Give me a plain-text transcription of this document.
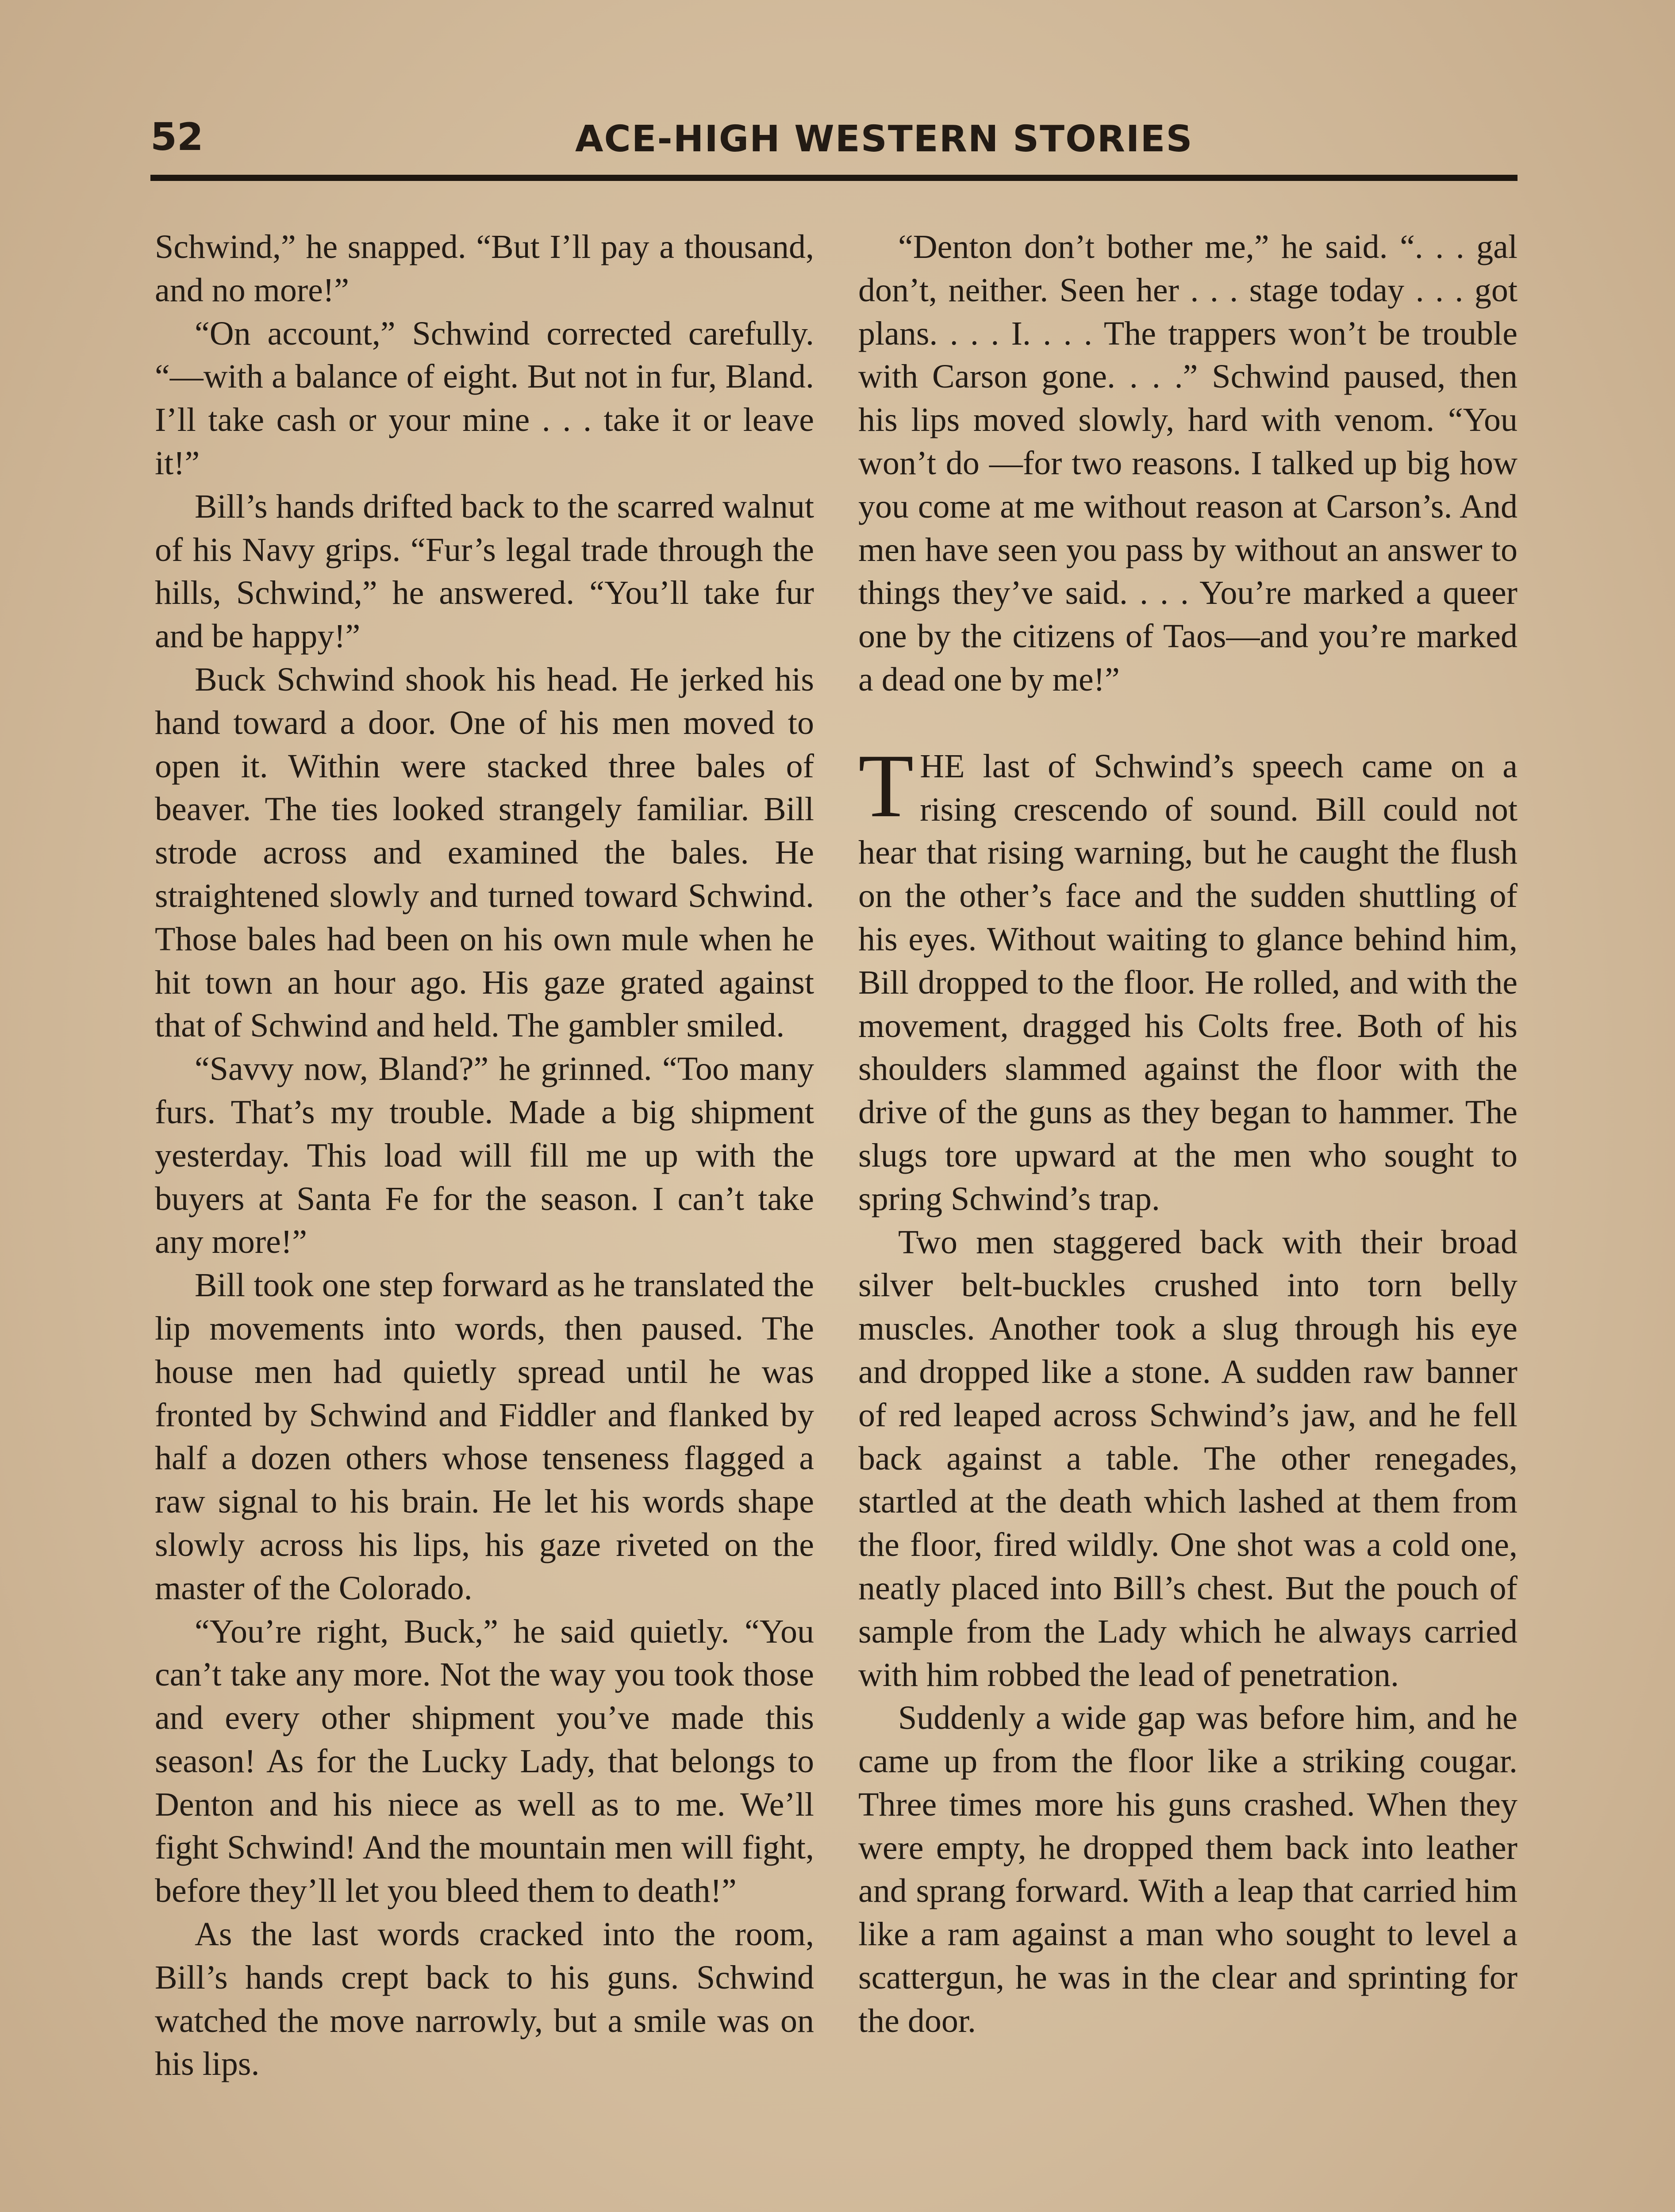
52	ACE-HIGH WESTERN STORIES

Schwind,” he snapped. “But I’ll pay a thousand, and no more!”

“On account,” Schwind corrected carefully. “—with a balance of eight. But not in fur, Bland. I’ll take cash or your mine . . . take it or leave it!”

Bill’s hands drifted back to the scarred walnut of his Navy grips. “Fur’s legal trade through the hills, Schwind,” he answered. “You’ll take fur and be happy!”

Buck Schwind shook his head. He jerked his hand toward a door. One of his men moved to open it. Within were stacked three bales of beaver. The ties looked strangely familiar. Bill strode across and examined the bales. He straightened slowly and turned toward Schwind. Those bales had been on his own mule when he hit town an hour ago. His gaze grated against that of Schwind and held. The gambler smiled.

“Savvy now, Bland?” he grinned. “Too many furs. That’s my trouble. Made a big shipment yesterday. This load will fill me up with the buyers at Santa Fe for the season. I can’t take any more!”

Bill took one step forward as he translated the lip movements into words, then paused. The house men had quietly spread until he was fronted by Schwind and Fiddler and flanked by half a dozen others whose tenseness flagged a raw signal to his brain. He let his words shape slowly across his lips, his gaze riveted on the master of the Colorado.

“You’re right, Buck,” he said quietly. “You can’t take any more. Not the way you took those and every other shipment you’ve made this season! As for the Lucky Lady, that belongs to Denton and his niece as well as to me. We’ll fight Schwind! And the mountain men will fight, before they’ll let you bleed them to death!”

As the last words cracked into the room, Bill’s hands crept back to his guns. Schwind watched the move narrowly, but a smile was on his lips.

“Denton don’t bother me,” he said. “. . . gal don’t, neither. Seen her . . . stage today . . . got plans. . . . I. . . . The trappers won’t be trouble with Carson gone. . . .” Schwind paused, then his lips moved slowly, hard with venom. “You won’t do —for two reasons. I talked up big how you come at me without reason at Carson’s. And men have seen you pass by without an answer to things they’ve said. . . . You’re marked a queer one by the citizens of Taos—and you’re marked a dead one by me!”

THE last of Schwind’s speech came on a rising crescendo of sound. Bill could not hear that rising warning, but he caught the flush on the other’s face and the sudden shuttling of his eyes. Without waiting to glance behind him, Bill dropped to the floor. He rolled, and with the movement, dragged his Colts free. Both of his shoulders slammed against the floor with the drive of the guns as they began to hammer. The slugs tore upward at the men who sought to spring Schwind’s trap.

Two men staggered back with their broad silver belt-buckles crushed into torn belly muscles. Another took a slug through his eye and dropped like a stone. A sudden raw banner of red leaped across Schwind’s jaw, and he fell back against a table. The other renegades, startled at the death which lashed at them from the floor, fired wildly. One shot was a cold one, neatly placed into Bill’s chest. But the pouch of sample from the Lady which he always carried with him robbed the lead of penetration.

Suddenly a wide gap was before him, and he came up from the floor like a striking cougar. Three times more his guns crashed. When they were empty, he dropped them back into leather and sprang forward. With a leap that carried him like a ram against a man who sought to level a scattergun, he was in the clear and sprinting for the door.
